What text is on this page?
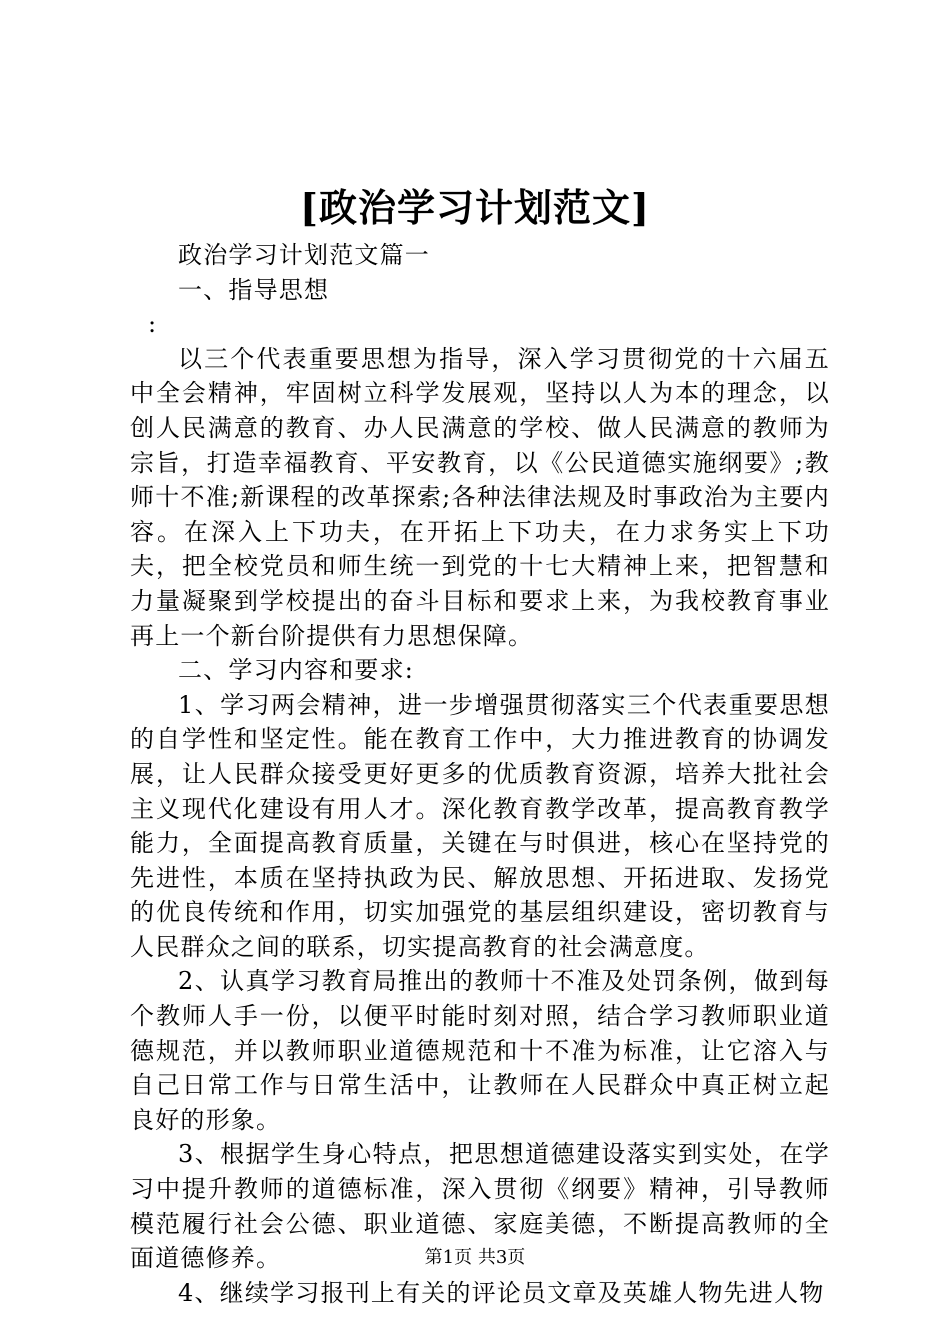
[政治学习计划范文]

政治学习计划范文篇一

一、指导思想

:

以三个代表重要思想为指导，深入学习贯彻党的十六届五中全会精神，牢固树立科学发展观，坚持以人为本的理念，以创人民满意的教育、办人民满意的学校、做人民满意的教师为宗旨，打造幸福教育、平安教育，以《公民道德实施纲要》;教师十不准;新课程的改革探索;各种法律法规及时事政治为主要内容。在深入上下功夫，在开拓上下功夫，在力求务实上下功夫，把全校党员和师生统一到党的十七大精神上来，把智慧和力量凝聚到学校提出的奋斗目标和要求上来，为我校教育事业再上一个新台阶提供有力思想保障。

二、学习内容和要求:

1、学习两会精神，进一步增强贯彻落实三个代表重要思想的自学性和坚定性。能在教育工作中，大力推进教育的协调发展，让人民群众接受更好更多的优质教育资源，培养大批社会主义现代化建设有用人才。深化教育教学改革，提高教育教学能力，全面提高教育质量，关键在与时俱进，核心在坚持党的先进性，本质在坚持执政为民、解放思想、开拓进取、发扬党的优良传统和作用，切实加强党的基层组织建设，密切教育与人民群众之间的联系，切实提高教育的社会满意度。

2、认真学习教育局推出的教师十不准及处罚条例，做到每个教师人手一份，以便平时能时刻对照，结合学习教师职业道德规范，并以教师职业道德规范和十不准为标准，让它溶入与自己日常工作与日常生活中，让教师在人民群众中真正树立起良好的形象。

3、根据学生身心特点，把思想道德建设落实到实处，在学习中提升教师的道德标准，深入贯彻《纲要》精神，引导教师模范履行社会公德、职业道德、家庭美德，不断提高教师的全面道德修养。

4、继续学习报刊上有关的评论员文章及英雄人物先进人物

第1页 共3页
